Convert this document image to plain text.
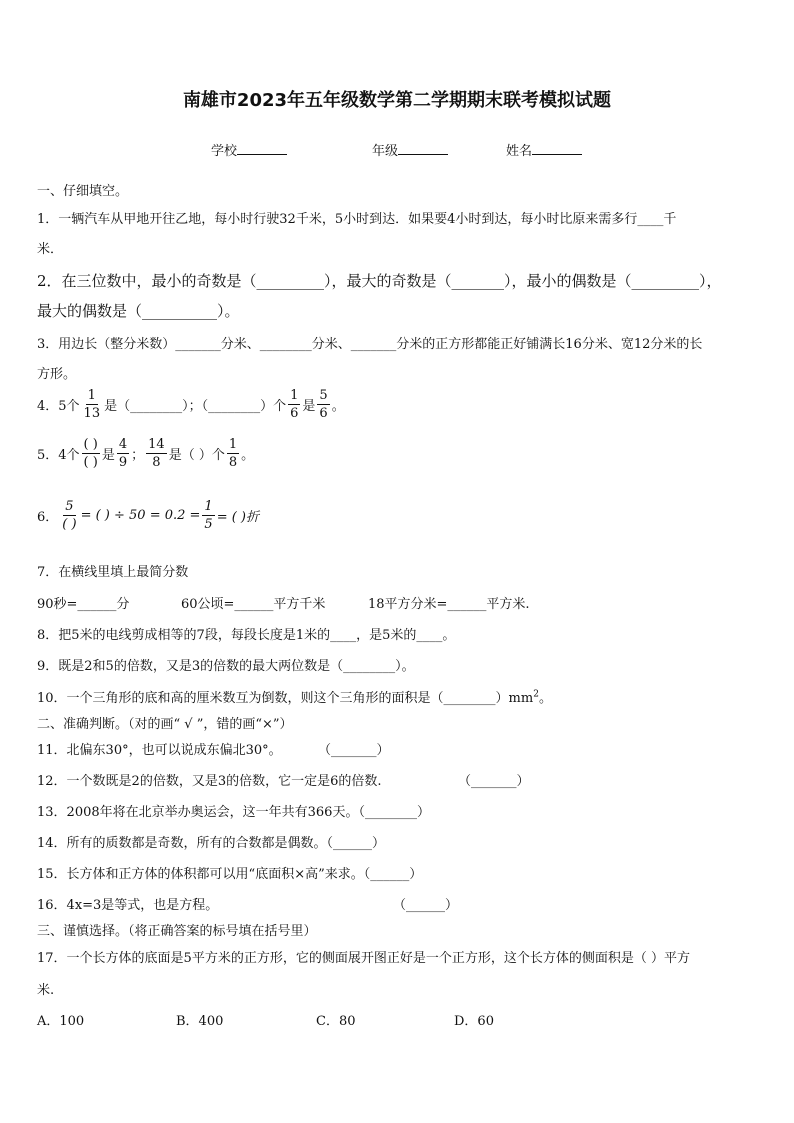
南雄市2023年五年级数学第二学期期末联考模拟试题
学校	年级	姓名
一、仔细填空。
1．一辆汽车从甲地开往乙地，每小时行驶32千米，5小时到达．如果要4小时到达，每小时比原来需多行____千
米．
2．在三位数中，最小的奇数是（_________），最大的奇数是（_______），最小的偶数是（_________），
最大的偶数是（__________）。
3．用边长（整分米数）_______分米、________分米、_______分米的正方形都能正好铺满长16分米、宽12分米的长
方形。
4．5个 $\frac{1}{13}$ 是（________）；（________）个 $\frac{1}{6}$ 是 $\frac{5}{6}$ 。
5．4个 $\frac{( )}{( )}$ 是 $\frac{4}{9}$ ； $\frac{14}{8}$ 是（ ）个 $\frac{1}{8}$ 。
6． $\frac{5}{( )}$ = ( ) ÷ $50 = 0.2 = \frac{1}{5}$ = ( )折
7．在横线里填上最简分数
90秒=______分	60公顷=______平方千米	18平方分米=______平方米.
8．把5米的电线剪成相等的7段，每段长度是1米的____，是5米的____。
9．既是2和5的倍数，又是3的倍数的最大两位数是（________）。
10．一个三角形的底和高的厘米数互为倒数，则这个三角形的面积是$(\_\_\_\_\_\_\_\_)mm^2$。
二、准确判断。（对的画“ √ ”，错的画“×”）
11．北偏东30°，也可以说成东偏北30°。	（_______）
12．一个数既是2的倍数，又是3的倍数，它一定是6的倍数.	（_______）
13．2008年将在北京举办奥运会，这一年共有366天。（________）
14．所有的质数都是奇数，所有的合数都是偶数。（______）
15．长方体和正方体的体积都可以用“底面积×高”来求。（______）
16．4x=3是等式，也是方程。	（______）
三、谨慎选择。（将正确答案的标号填在括号里）
17．一个长方体的底面是5平方米的正方形，它的侧面展开图正好是一个正方形，这个长方体的侧面积是（ ）平方
米.
A．100	B．400	C．80	D．60
